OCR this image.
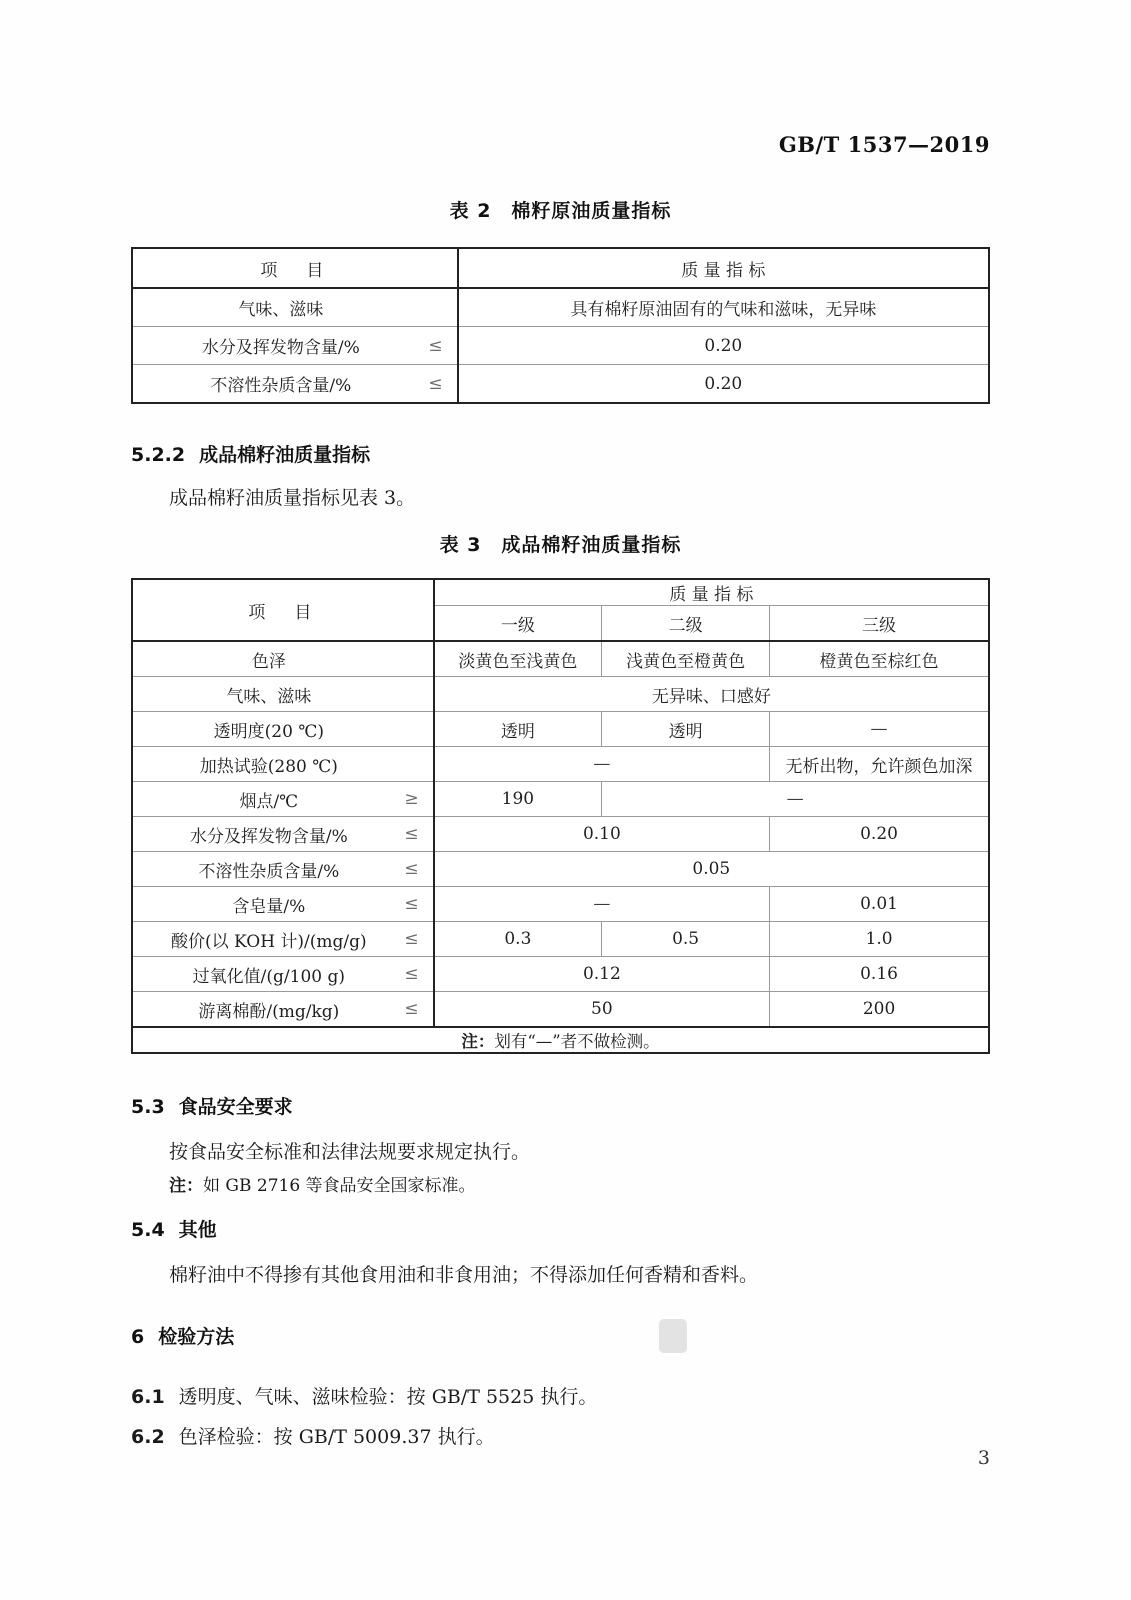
GB/T 1537—2019
表 2　棉籽原油质量指标
项　目	质 量 指 标
气味、滋味	具有棉籽原油固有的气味和滋味，无异味
水分及挥发物含量/% ≤	0.20
不溶性杂质含量/% ≤	0.20
5.2.2 成品棉籽油质量指标
成品棉籽油质量指标见表 3。
表 3　成品棉籽油质量指标
项　目	质 量 指 标		
	一级	二级	三级
色泽	淡黄色至浅黄色	浅黄色至橙黄色	橙黄色至棕红色
气味、滋味	无异味、口感好		
透明度(20 ℃)	透明	透明	—
加热试验(280 ℃)	—		无析出物，允许颜色加深
烟点/℃ ≥	190	—	
水分及挥发物含量/% ≤	0.10		0.20
不溶性杂质含量/% ≤	0.05		
含皂量/% ≤	—		0.01
酸价(以 KOH 计)/(mg/g) ≤	0.3	0.5	1.0
过氧化值/(g/100 g) ≤	0.12		0.16
游离棉酚/(mg/kg) ≤	50		200
注：划有“—”者不做检测。			
5.3 食品安全要求
按食品安全标准和法律法规要求规定执行。
注：如 GB 2716 等食品安全国家标准。
5.4 其他
棉籽油中不得掺有其他食用油和非食用油；不得添加任何香精和香料。
6 检验方法
6.1 透明度、气味、滋味检验：按 GB/T 5525 执行。
6.2 色泽检验：按 GB/T 5009.37 执行。
3
